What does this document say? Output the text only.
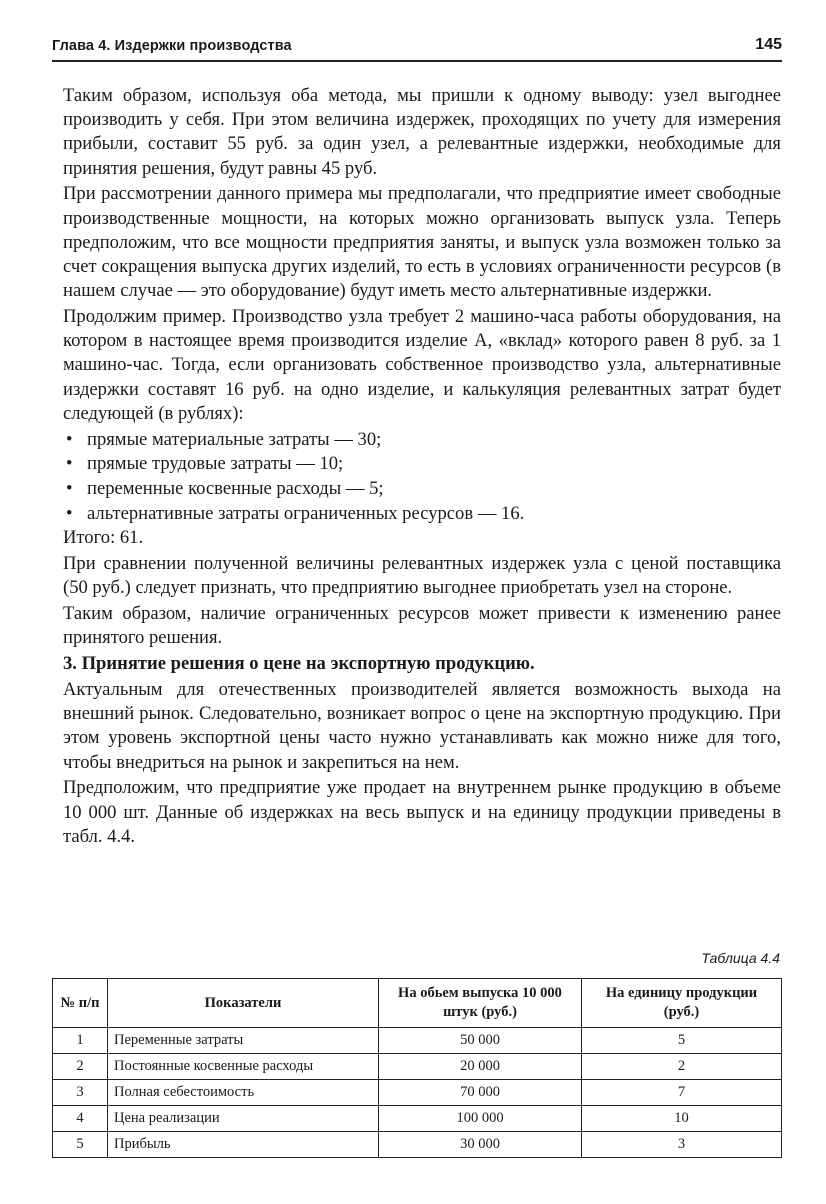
Глава 4. Издержки производства	145

Таким образом, используя оба метода, мы пришли к одному выводу: узел выгоднее производить у себя. При этом величина издержек, проходящих по учету для измерения прибыли, составит 55 руб. за один узел, а релевантные издержки, необходимые для принятия решения, будут равны 45 руб.

При рассмотрении данного примера мы предполагали, что предприятие имеет свободные производственные мощности, на которых можно организовать выпуск узла. Теперь предположим, что все мощности предприятия заняты, и выпуск узла возможен только за счет сокращения выпуска других изделий, то есть в условиях ограниченности ресурсов (в нашем случае — это оборудование) будут иметь место альтернативные издержки.

Продолжим пример. Производство узла требует 2 машино-часа работы оборудования, на котором в настоящее время производится изделие А, «вклад» которого равен 8 руб. за 1 машино-час. Тогда, если организовать собственное производство узла, альтернативные издержки составят 16 руб. на одно изделие, и калькуляция релевантных затрат будет следующей (в рублях):

• прямые материальные затраты — 30;
• прямые трудовые затраты — 10;
• переменные косвенные расходы — 5;
• альтернативные затраты ограниченных ресурсов — 16.

Итого: 61.

При сравнении полученной величины релевантных издержек узла с ценой поставщика (50 руб.) следует признать, что предприятию выгоднее приобретать узел на стороне.

Таким образом, наличие ограниченных ресурсов может привести к изменению ранее принятого решения.

3. Принятие решения о цене на экспортную продукцию.

Актуальным для отечественных производителей является возможность выхода на внешний рынок. Следовательно, возникает вопрос о цене на экспортную продукцию. При этом уровень экспортной цены часто нужно устанавливать как можно ниже для того, чтобы внедриться на рынок и закрепиться на нем.

Предположим, что предприятие уже продает на внутреннем рынке продукцию в объеме 10 000 шт. Данные об издержках на весь выпуск и на единицу продукции приведены в табл. 4.4.

Таблица 4.4
№ п/п	Показатели	На обьем выпуска 10 000 штук (руб.)	На единицу продукции (руб.)
1	Переменные затраты	50 000	5
2	Постоянные косвенные расходы	20 000	2
3	Полная себестоимость	70 000	7
4	Цена реализации	100 000	10
5	Прибыль	30 000	3
